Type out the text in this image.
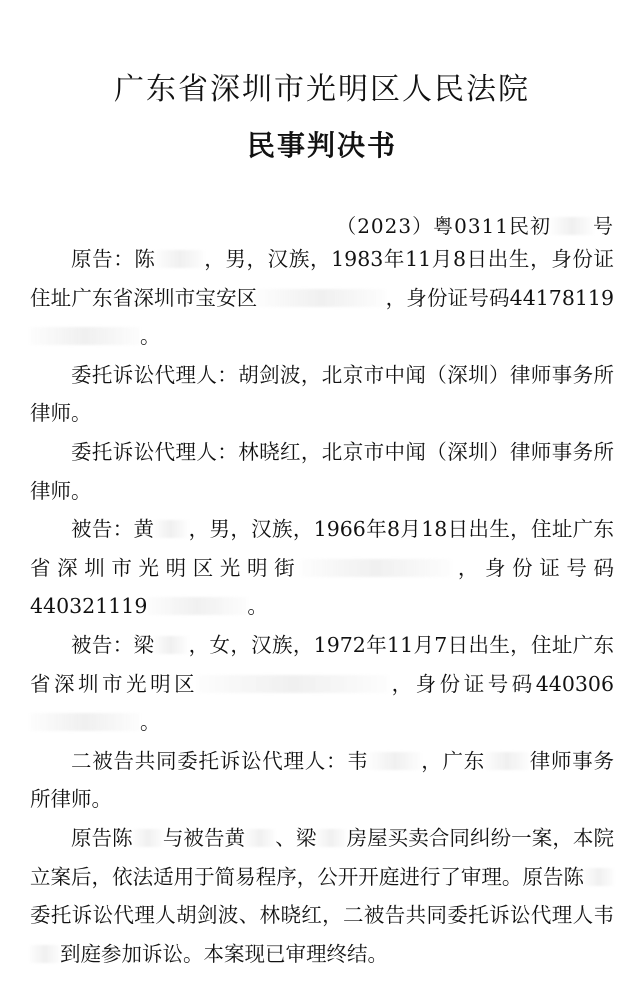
广东省深圳市光明区人民法院
民事判决书
（2023）粤0311民初 号

原告：陈 ，男，汉族，1983年11月8日出生，身份证住址广东省深圳市宝安区	，身份证号码44178119。

委托诉讼代理人：胡剑波，北京市中闻（深圳）律师事务所律师。

委托诉讼代理人：林晓红，北京市中闻（深圳）律师事务所律师。

被告：黄 ，男，汉族，1966年8月18日出生，住址广东省深圳市光明区光明街	，身份证号码440321119	。

被告：梁 ，女，汉族，1972年11月7日出生，住址广东省深圳市光明区	，身份证号码440306。

二被告共同委托诉讼代理人：韦	，广东 律师事务所律师。

原告陈 与被告黄 、梁 房屋买卖合同纠纷一案，本院立案后，依法适用于简易程序，公开开庭进行了审理。原告陈委托诉讼代理人胡剑波、林晓红，二被告共同委托诉讼代理人韦到庭参加诉讼。本案现已审理终结。
